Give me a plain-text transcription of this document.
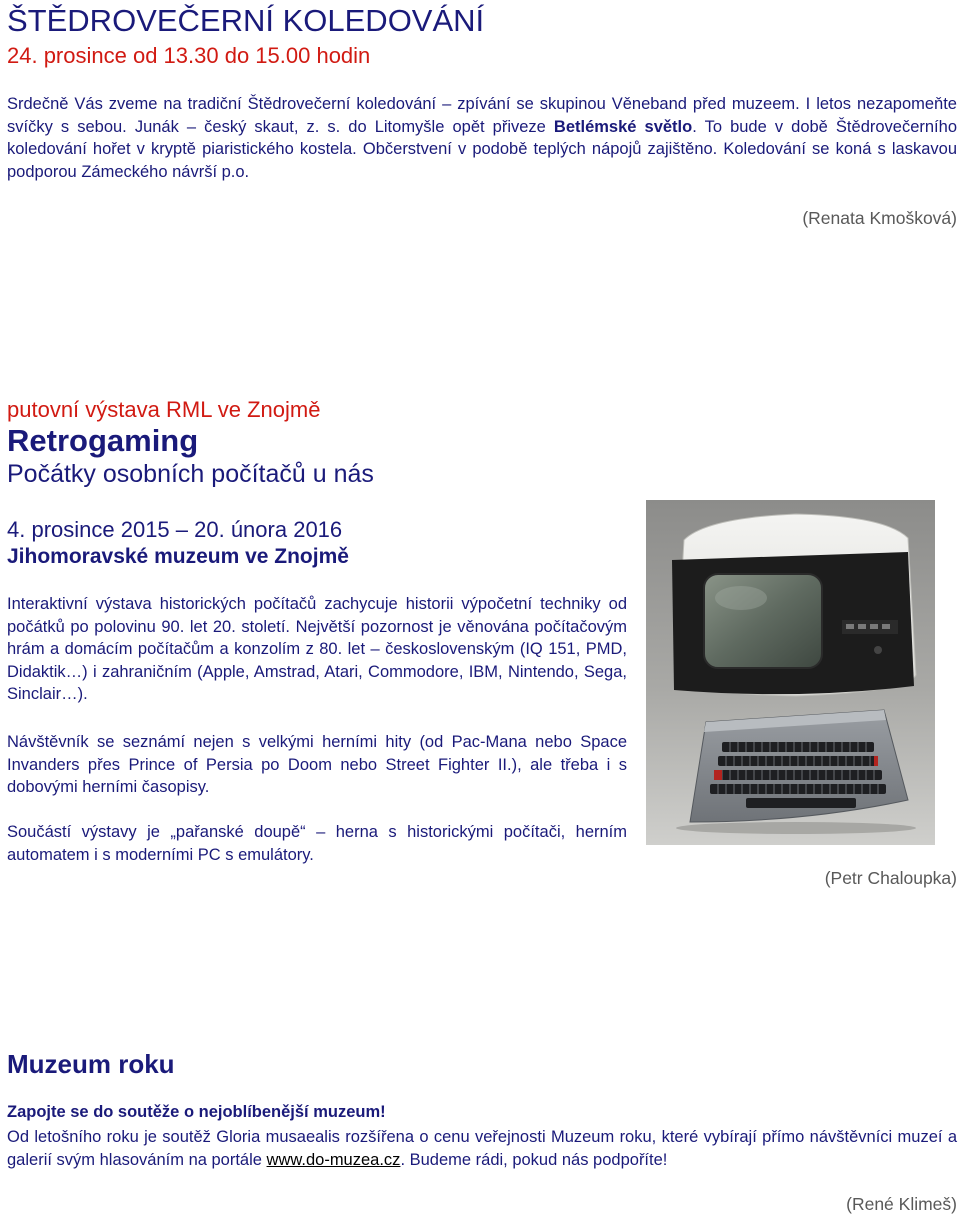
ŠTĚDROVEČERNÍ KOLEDOVÁNÍ
24. prosince od 13.30 do 15.00 hodin
Srdečně Vás zveme na tradiční Štědrovečerní koledování – zpívání se skupinou Věneband před muzeem. I letos nezapomeňte svíčky s sebou. Junák – český skaut, z. s. do Litomyšle opět přiveze Betlémské světlo. To bude v době Štědrovečerního koledování hořet v kryptě piaristického kostela. Občerstvení v podobě teplých nápojů zajištěno. Koledování se koná s laskavou podporou Zámeckého návrší p.o.
(Renata Kmošková)
putovní výstava RML ve Znojmě
Retrogaming
Počátky osobních počítačů u nás
4. prosince 2015 – 20. února 2016
Jihomoravské muzeum ve Znojmě
Interaktivní výstava historických počítačů zachycuje historii výpočetní techniky od počátků po polovinu 90. let 20. století. Největší pozornost je věnována počítačovým hrám a domácím počítačům a konzolím z 80. let – československým (IQ 151, PMD, Didaktik…) i zahraničním (Apple, Amstrad, Atari, Commodore, IBM, Nintendo, Sega, Sinclair…).
Návštěvník se seznámí nejen s velkými herními hity (od Pac-Mana nebo Space Invanders přes Prince of Persia po Doom nebo Street Fighter II.), ale třeba i s dobovými herními časopisy.
Součástí výstavy je „pařanské doupě“ – herna s historickými počítači, herním automatem i s moderními PC s emulátory.
(Petr Chaloupka)
Muzeum roku
Zapojte se do soutěže o nejoblíbenější muzeum!
Od letošního roku je soutěž Gloria musaealis rozšířena o cenu veřejnosti Muzeum roku, které vybírají přímo návštěvníci muzeí a galerií svým hlasováním na portále www.do-muzea.cz. Budeme rádi, pokud nás podpoříte!
(René Klimeš)
